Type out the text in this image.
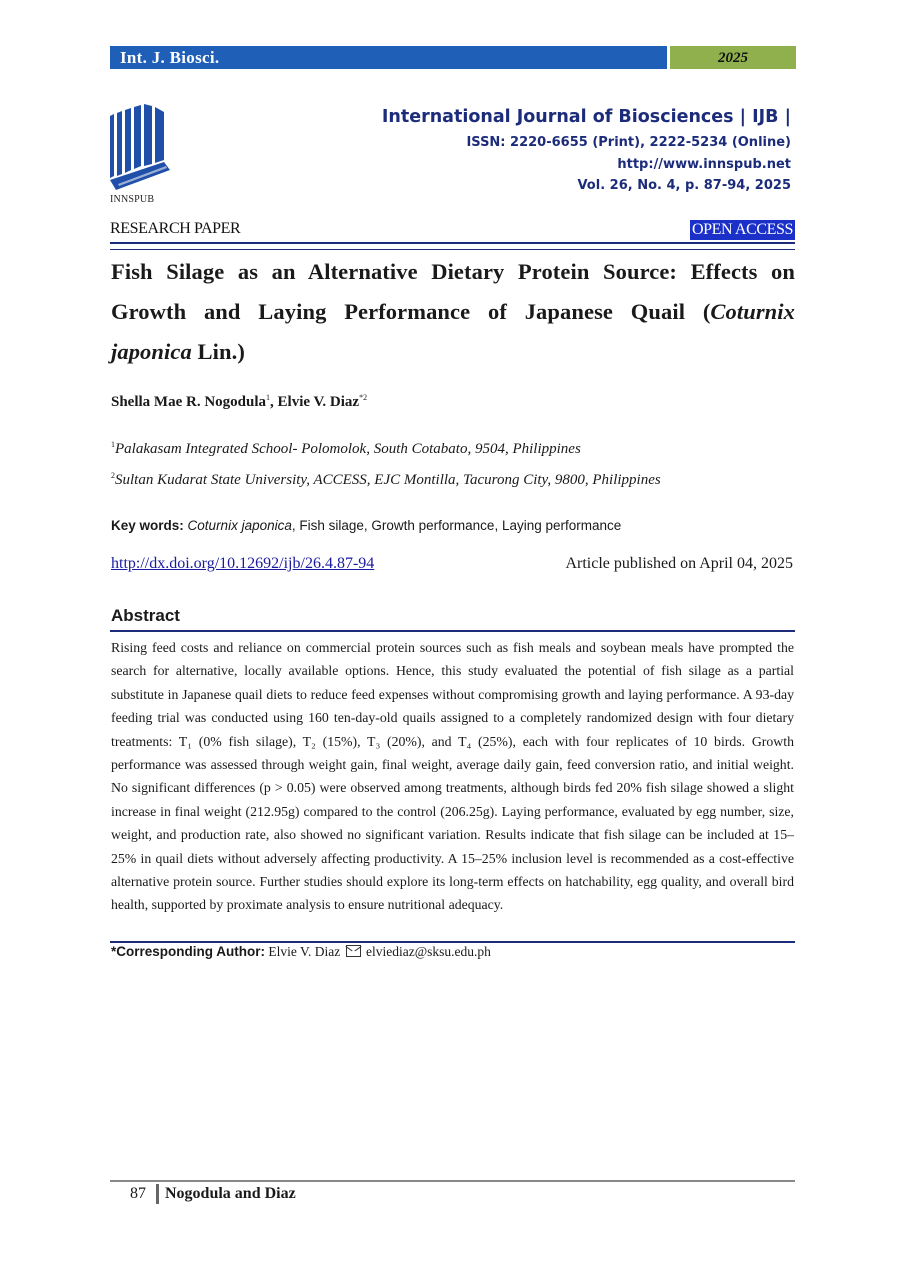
Int. J. Biosci.	2025
INNSPUB
International Journal of Biosciences | IJB |
ISSN: 2220-6655 (Print), 2222-5234 (Online)
http://www.innspub.net
Vol. 26, No. 4, p. 87-94, 2025
RESEARCH PAPER	OPEN ACCESS
Fish Silage as an Alternative Dietary Protein Source: Effects on Growth and Laying Performance of Japanese Quail (Coturnix japonica Lin.)
Shella Mae R. Nogodula$^1$, Elvie V. Diaz$^{*2}$
$^1$Palakasam Integrated School- Polomolok, South Cotabato, 9504, Philippines
$^2$Sultan Kudarat State University, ACCESS, EJC Montilla, Tacurong City, 9800, Philippines
Key words: Coturnix japonica, Fish silage, Growth performance, Laying performance
http://dx.doi.org/10.12692/ijb/26.4.87-94	Article published on April 04, 2025
Abstract
Rising feed costs and reliance on commercial protein sources such as fish meals and soybean meals have prompted the search for alternative, locally available options. Hence, this study evaluated the potential of fish silage as a partial substitute in Japanese quail diets to reduce feed expenses without compromising growth and laying performance. A 93-day feeding trial was conducted using 160 ten-day-old quails assigned to a completely randomized design with four dietary treatments: T₁ (0% fish silage), T₂ (15%), T₃ (20%), and T₄ (25%), each with four replicates of 10 birds. Growth performance was assessed through weight gain, final weight, average daily gain, feed conversion ratio, and initial weight. No significant differences (p > 0.05) were observed among treatments, although birds fed 20% fish silage showed a slight increase in final weight (212.95g) compared to the control (206.25g). Laying performance, evaluated by egg number, size, weight, and production rate, also showed no significant variation. Results indicate that fish silage can be included at 15–25% in quail diets without adversely affecting productivity. A 15–25% inclusion level is recommended as a cost-effective alternative protein source. Further studies should explore its long-term effects on hatchability, egg quality, and overall bird health, supported by proximate analysis to ensure nutritional adequacy.
*Corresponding Author: Elvie V. Diaz elviediaz@sksu.edu.ph
87 Nogodula and Diaz
